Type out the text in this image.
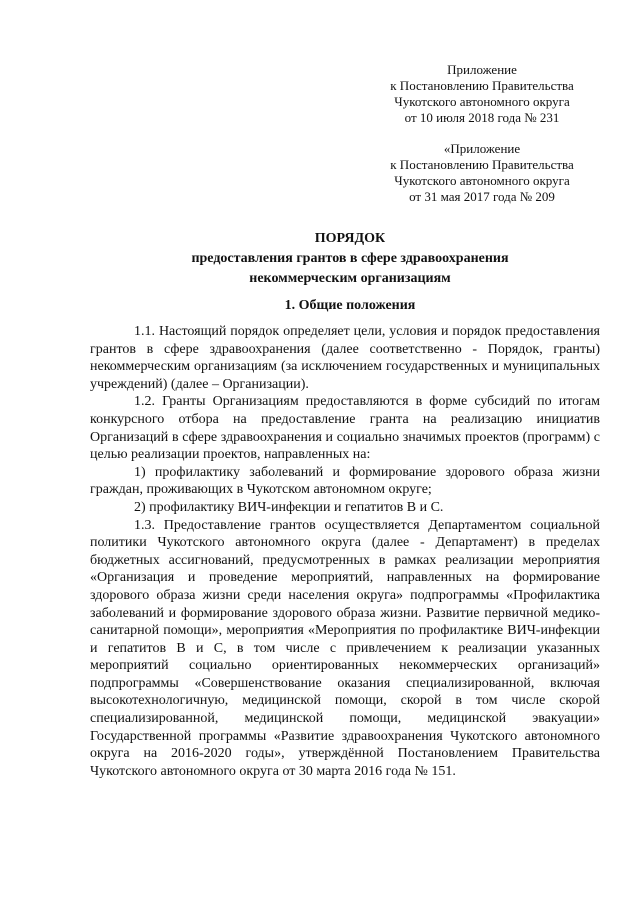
Приложение
к Постановлению Правительства
Чукотского автономного округа
от 10 июля 2018 года № 231
«Приложение
к Постановлению Правительства
Чукотского автономного округа
от 31 мая 2017 года № 209
ПОРЯДОК
предоставления грантов в сфере здравоохранения
некоммерческим организациям
1. Общие положения

1.1. Настоящий порядок определяет цели, условия и порядок предоставления грантов в сфере здравоохранения (далее соответственно - Порядок, гранты) некоммерческим организациям (за исключением государственных и муниципальных учреждений) (далее – Организации).

1.2. Гранты Организациям предоставляются в форме субсидий по итогам конкурсного отбора на предоставление гранта на реализацию инициатив Организаций в сфере здравоохранения и социально значимых проектов (программ) с целью реализации проектов, направленных на:

1) профилактику заболеваний и формирование здорового образа жизни граждан, проживающих в Чукотском автономном округе;

2) профилактику ВИЧ-инфекции и гепатитов В и С.

1.3. Предоставление грантов осуществляется Департаментом социальной политики Чукотского автономного округа (далее - Департамент) в пределах бюджетных ассигнований, предусмотренных в рамках реализации мероприятия «Организация и проведение мероприятий, направленных на формирование здорового образа жизни среди населения округа» подпрограммы «Профилактика заболеваний и формирование здорового образа жизни. Развитие первичной медико-санитарной помощи», мероприятия «Мероприятия по профилактике ВИЧ-инфекции и гепатитов В и С, в том числе с привлечением к реализации указанных мероприятий социально ориентированных некоммерческих организаций» подпрограммы «Совершенствование оказания специализированной, включая высокотехнологичную, медицинской помощи, скорой в том числе скорой специализированной, медицинской помощи, медицинской эвакуации» Государственной программы «Развитие здравоохранения Чукотского автономного округа на 2016-2020 годы», утверждённой Постановлением Правительства Чукотского автономного округа от 30 марта 2016 года № 151.
